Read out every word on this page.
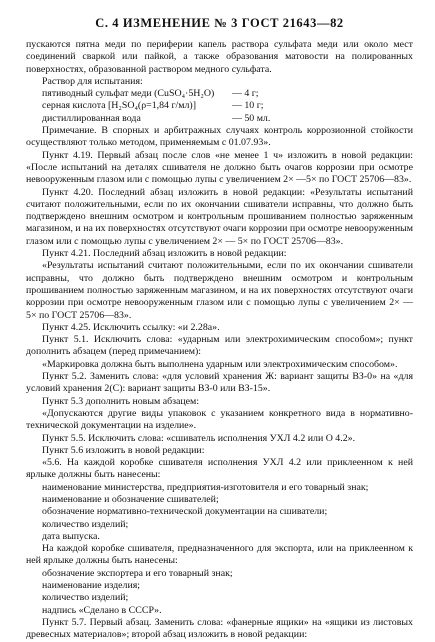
С. 4 ИЗМЕНЕНИЕ № 3 ГОСТ 21643—82

пускаются пятна меди по периферии капель раствора сульфата меди или около мест соединений сваркой или пайкой, а также образования матовости на полированных поверхностях, образованной раствором медного сульфата.

Раствор для испытания:

пятиводный сульфат меди (CuSO₄·5H₂O)	— 4 г;
серная кислота [H₂SO₄(ρ=1,84 г/мл)]	— 10 г;
дистиллированная вода	— 50 мл.

Примечание. В спорных и арбитражных случаях контроль коррозионной стойкости осуществляют только методом, применяемым с 01.07.93».

Пункт 4.19. Первый абзац после слов «не менее 1 ч» изложить в новой редакции: «После испытаний на деталях сшивателя не должно быть очагов коррозии при осмотре невооруженным глазом или с помощью лупы с увеличением 2× —5× по ГОСТ 25706—83».

Пункт 4.20. Последний абзац изложить в новой редакции: «Результаты испытаний считают положительными, если по их окончании сшиватели исправны, что должно быть подтверждено внешним осмотром и контрольным прошиванием полностью заряженным магазином, и на их поверхностях отсутствуют очаги коррозии при осмотре невооруженным глазом или с помощью лупы с увеличением 2× — 5× по ГОСТ 25706—83».

Пункт 4.21. Последний абзац изложить в новой редакции:

«Результаты испытаний считают положительными, если по их окончании сшиватели исправны, что должно быть подтверждено внешним осмотром и контрольным прошиванием полностью заряженным магазином, и на их поверхностях отсутствуют очаги коррозии при осмотре невооруженным глазом или с помощью лупы с увеличением 2× — 5× по ГОСТ 25706—83».

Пункт 4.25. Исключить ссылку: «и 2.28а».

Пункт 5.1. Исключить слова: «ударным или электрохимическим способом»; пункт дополнить абзацем (перед примечанием):

«Маркировка должна быть выполнена ударным или электрохимическим способом».

Пункт 5.2. Заменить слова: «для условий хранения Ж: вариант защиты ВЗ-0» на «для условий хранения 2(С): вариант защиты ВЗ-0 или ВЗ-15».

Пункт 5.3 дополнить новым абзацем:

«Допускаются другие виды упаковок с указанием конкретного вида в нормативно-технической документации на изделие».

Пункт 5.5. Исключить слова: «сшиватель исполнения УХЛ 4.2 или О 4.2».

Пункт 5.6 изложить в новой редакции:

«5.6. На каждой коробке сшивателя исполнения УХЛ 4.2 или приклеенном к ней ярлыке должны быть нанесены:

наименование министерства, предприятия-изготовителя и его товарный знак;

наименование и обозначение сшивателей;

обозначение нормативно-технической документации на сшиватели;

количество изделий;

дата выпуска.

На каждой коробке сшивателя, предназначенного для экспорта, или на приклеенном к ней ярлыке должны быть нанесены:

обозначение экспортера и его товарный знак;

наименование изделия;

количество изделий;

надпись «Сделано в СССР».

Пункт 5.7. Первый абзац. Заменить слова: «фанерные ящики» на «ящики из листовых древесных материалов»; второй абзац изложить в новой редакции:
